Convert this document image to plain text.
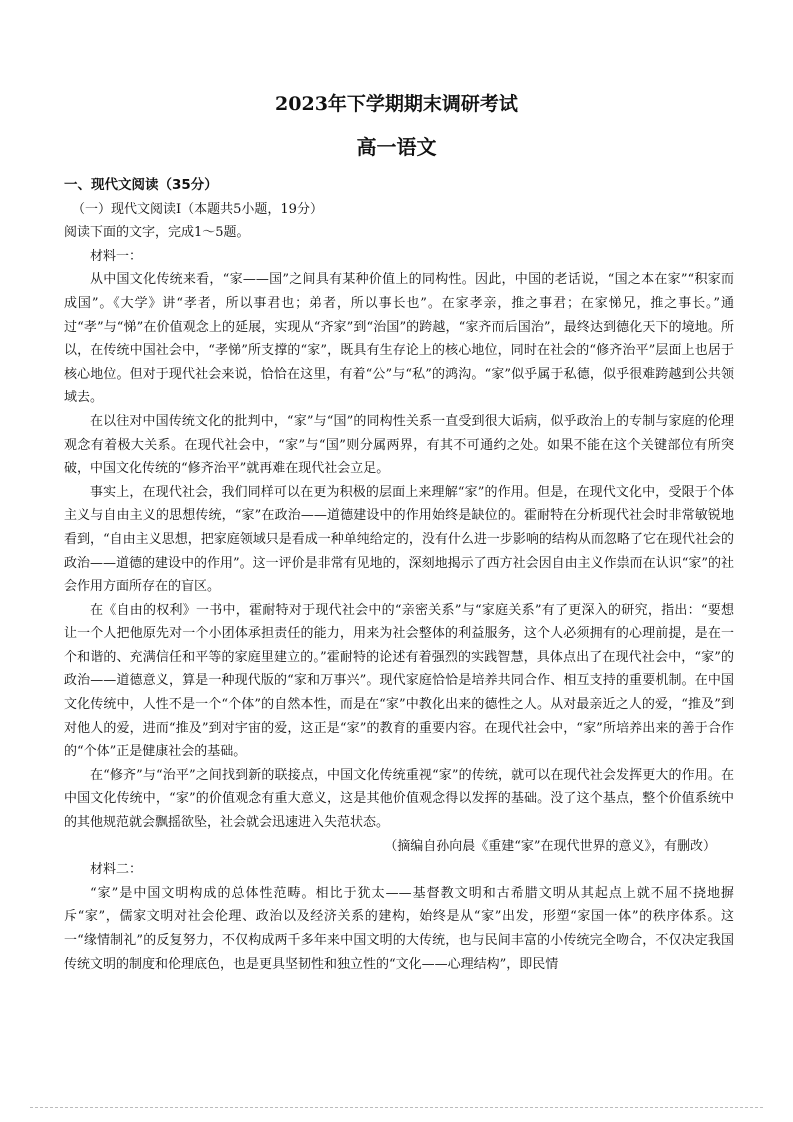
2023年下学期期末调研考试
高一语文

一、现代文阅读（35分）

（一）现代文阅读Ⅰ（本题共5小题，19分）

阅读下面的文字，完成1～5题。

材料一：

从中国文化传统来看，“家——国”之间具有某种价值上的同构性。因此，中国的老话说，“国之本在家”“积家而成国”。《大学》讲“孝者，所以事君也；弟者，所以事长也”。在家孝亲，推之事君；在家悌兄，推之事长。”通过“孝”与“悌”在价值观念上的延展，实现从“齐家”到“治国”的跨越，“家齐而后国治”，最终达到德化天下的境地。所以，在传统中国社会中，“孝悌”所支撑的“家”，既具有生存论上的核心地位，同时在社会的“修齐治平”层面上也居于核心地位。但对于现代社会来说，恰恰在这里，有着“公”与“私”的鸿沟。“家”似乎属于私德，似乎很难跨越到公共领域去。

在以往对中国传统文化的批判中，“家”与“国”的同构性关系一直受到很大诟病，似乎政治上的专制与家庭的伦理观念有着极大关系。在现代社会中，“家”与“国”则分属两界，有其不可通约之处。如果不能在这个关键部位有所突破，中国文化传统的“修齐治平”就再难在现代社会立足。

事实上，在现代社会，我们同样可以在更为积极的层面上来理解“家”的作用。但是，在现代文化中，受限于个体主义与自由主义的思想传统，“家”在政治——道德建设中的作用始终是缺位的。霍耐特在分析现代社会时非常敏锐地看到，“自由主义思想，把家庭领域只是看成一种单纯给定的，没有什么进一步影响的结构从而忽略了它在现代社会的政治——道德的建设中的作用”。这一评价是非常有见地的，深刻地揭示了西方社会因自由主义作祟而在认识“家”的社会作用方面所存在的盲区。

在《自由的权利》一书中，霍耐特对于现代社会中的“亲密关系”与“家庭关系”有了更深入的研究，指出：“要想让一个人把他原先对一个小团体承担责任的能力，用来为社会整体的利益服务，这个人必须拥有的心理前提，是在一个和谐的、充满信任和平等的家庭里建立的。”霍耐特的论述有着强烈的实践智慧，具体点出了在现代社会中，“家”的政治——道德意义，算是一种现代版的“家和万事兴”。现代家庭恰恰是培养共同合作、相互支持的重要机制。在中国文化传统中，人性不是一个“个体”的自然本性，而是在“家”中教化出来的德性之人。从对最亲近之人的爱，“推及”到对他人的爱，进而“推及”到对宇宙的爱，这正是“家”的教育的重要内容。在现代社会中，“家”所培养出来的善于合作的“个体”正是健康社会的基础。

在“修齐”与“治平”之间找到新的联接点，中国文化传统重视“家”的传统，就可以在现代社会发挥更大的作用。在中国文化传统中，“家”的价值观念有重大意义，这是其他价值观念得以发挥的基础。没了这个基点，整个价值系统中的其他规范就会飘摇欲坠，社会就会迅速进入失范状态。

（摘编自孙向晨《重建“家”在现代世界的意义》，有删改）

材料二：

“家”是中国文明构成的总体性范畴。相比于犹太——基督教文明和古希腊文明从其起点上就不屈不挠地摒斥“家”，儒家文明对社会伦理、政治以及经济关系的建构，始终是从“家”出发，形塑“家国一体”的秩序体系。这一“缘情制礼”的反复努力，不仅构成两千多年来中国文明的大传统，也与民间丰富的小传统完全吻合，不仅决定我国传统文明的制度和伦理底色，也是更具坚韧性和独立性的“文化——心理结构”，即民情
